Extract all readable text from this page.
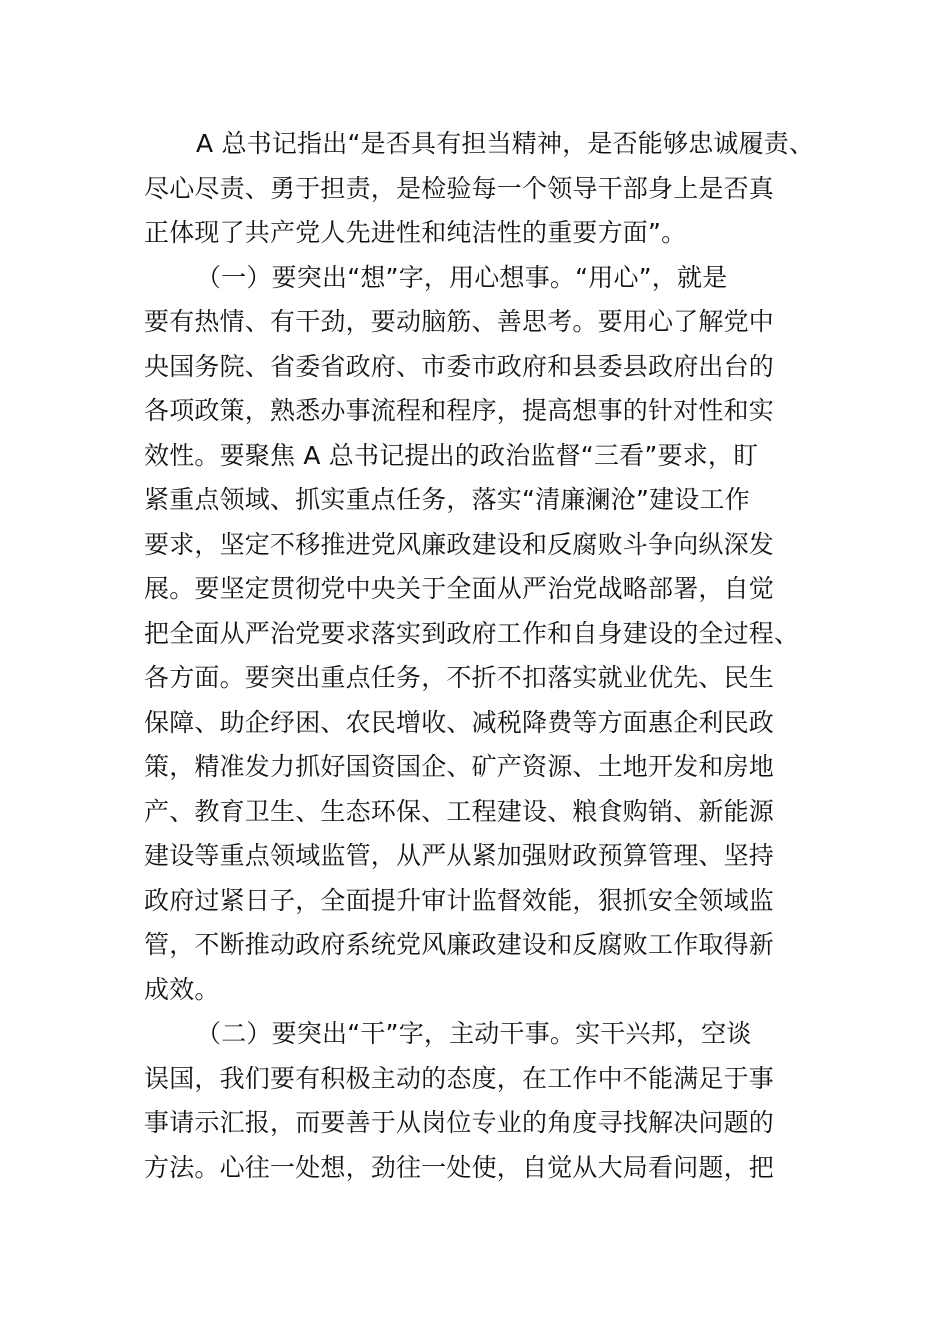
A 总书记指出“是否具有担当精神，是否能够忠诚履责、
尽心尽责、勇于担责，是检验每一个领导干部身上是否真
正体现了共产党人先进性和纯洁性的重要方面”。
（一）要突出“想”字，用心想事。“用心”，就是
要有热情、有干劲，要动脑筋、善思考。要用心了解党中
央国务院、省委省政府、市委市政府和县委县政府出台的
各项政策，熟悉办事流程和程序，提高想事的针对性和实
效性。要聚焦 A 总书记提出的政治监督“三看”要求，盯
紧重点领域、抓实重点任务，落实“清廉澜沧”建设工作
要求，坚定不移推进党风廉政建设和反腐败斗争向纵深发
展。要坚定贯彻党中央关于全面从严治党战略部署，自觉
把全面从严治党要求落实到政府工作和自身建设的全过程、
各方面。要突出重点任务，不折不扣落实就业优先、民生
保障、助企纾困、农民增收、减税降费等方面惠企利民政
策，精准发力抓好国资国企、矿产资源、土地开发和房地
产、教育卫生、生态环保、工程建设、粮食购销、新能源
建设等重点领域监管，从严从紧加强财政预算管理、坚持
政府过紧日子，全面提升审计监督效能，狠抓安全领域监
管，不断推动政府系统党风廉政建设和反腐败工作取得新
成效。
（二）要突出“干”字，主动干事。实干兴邦，空谈
误国，我们要有积极主动的态度，在工作中不能满足于事
事请示汇报，而要善于从岗位专业的角度寻找解决问题的
方法。心往一处想，劲往一处使，自觉从大局看问题，把
